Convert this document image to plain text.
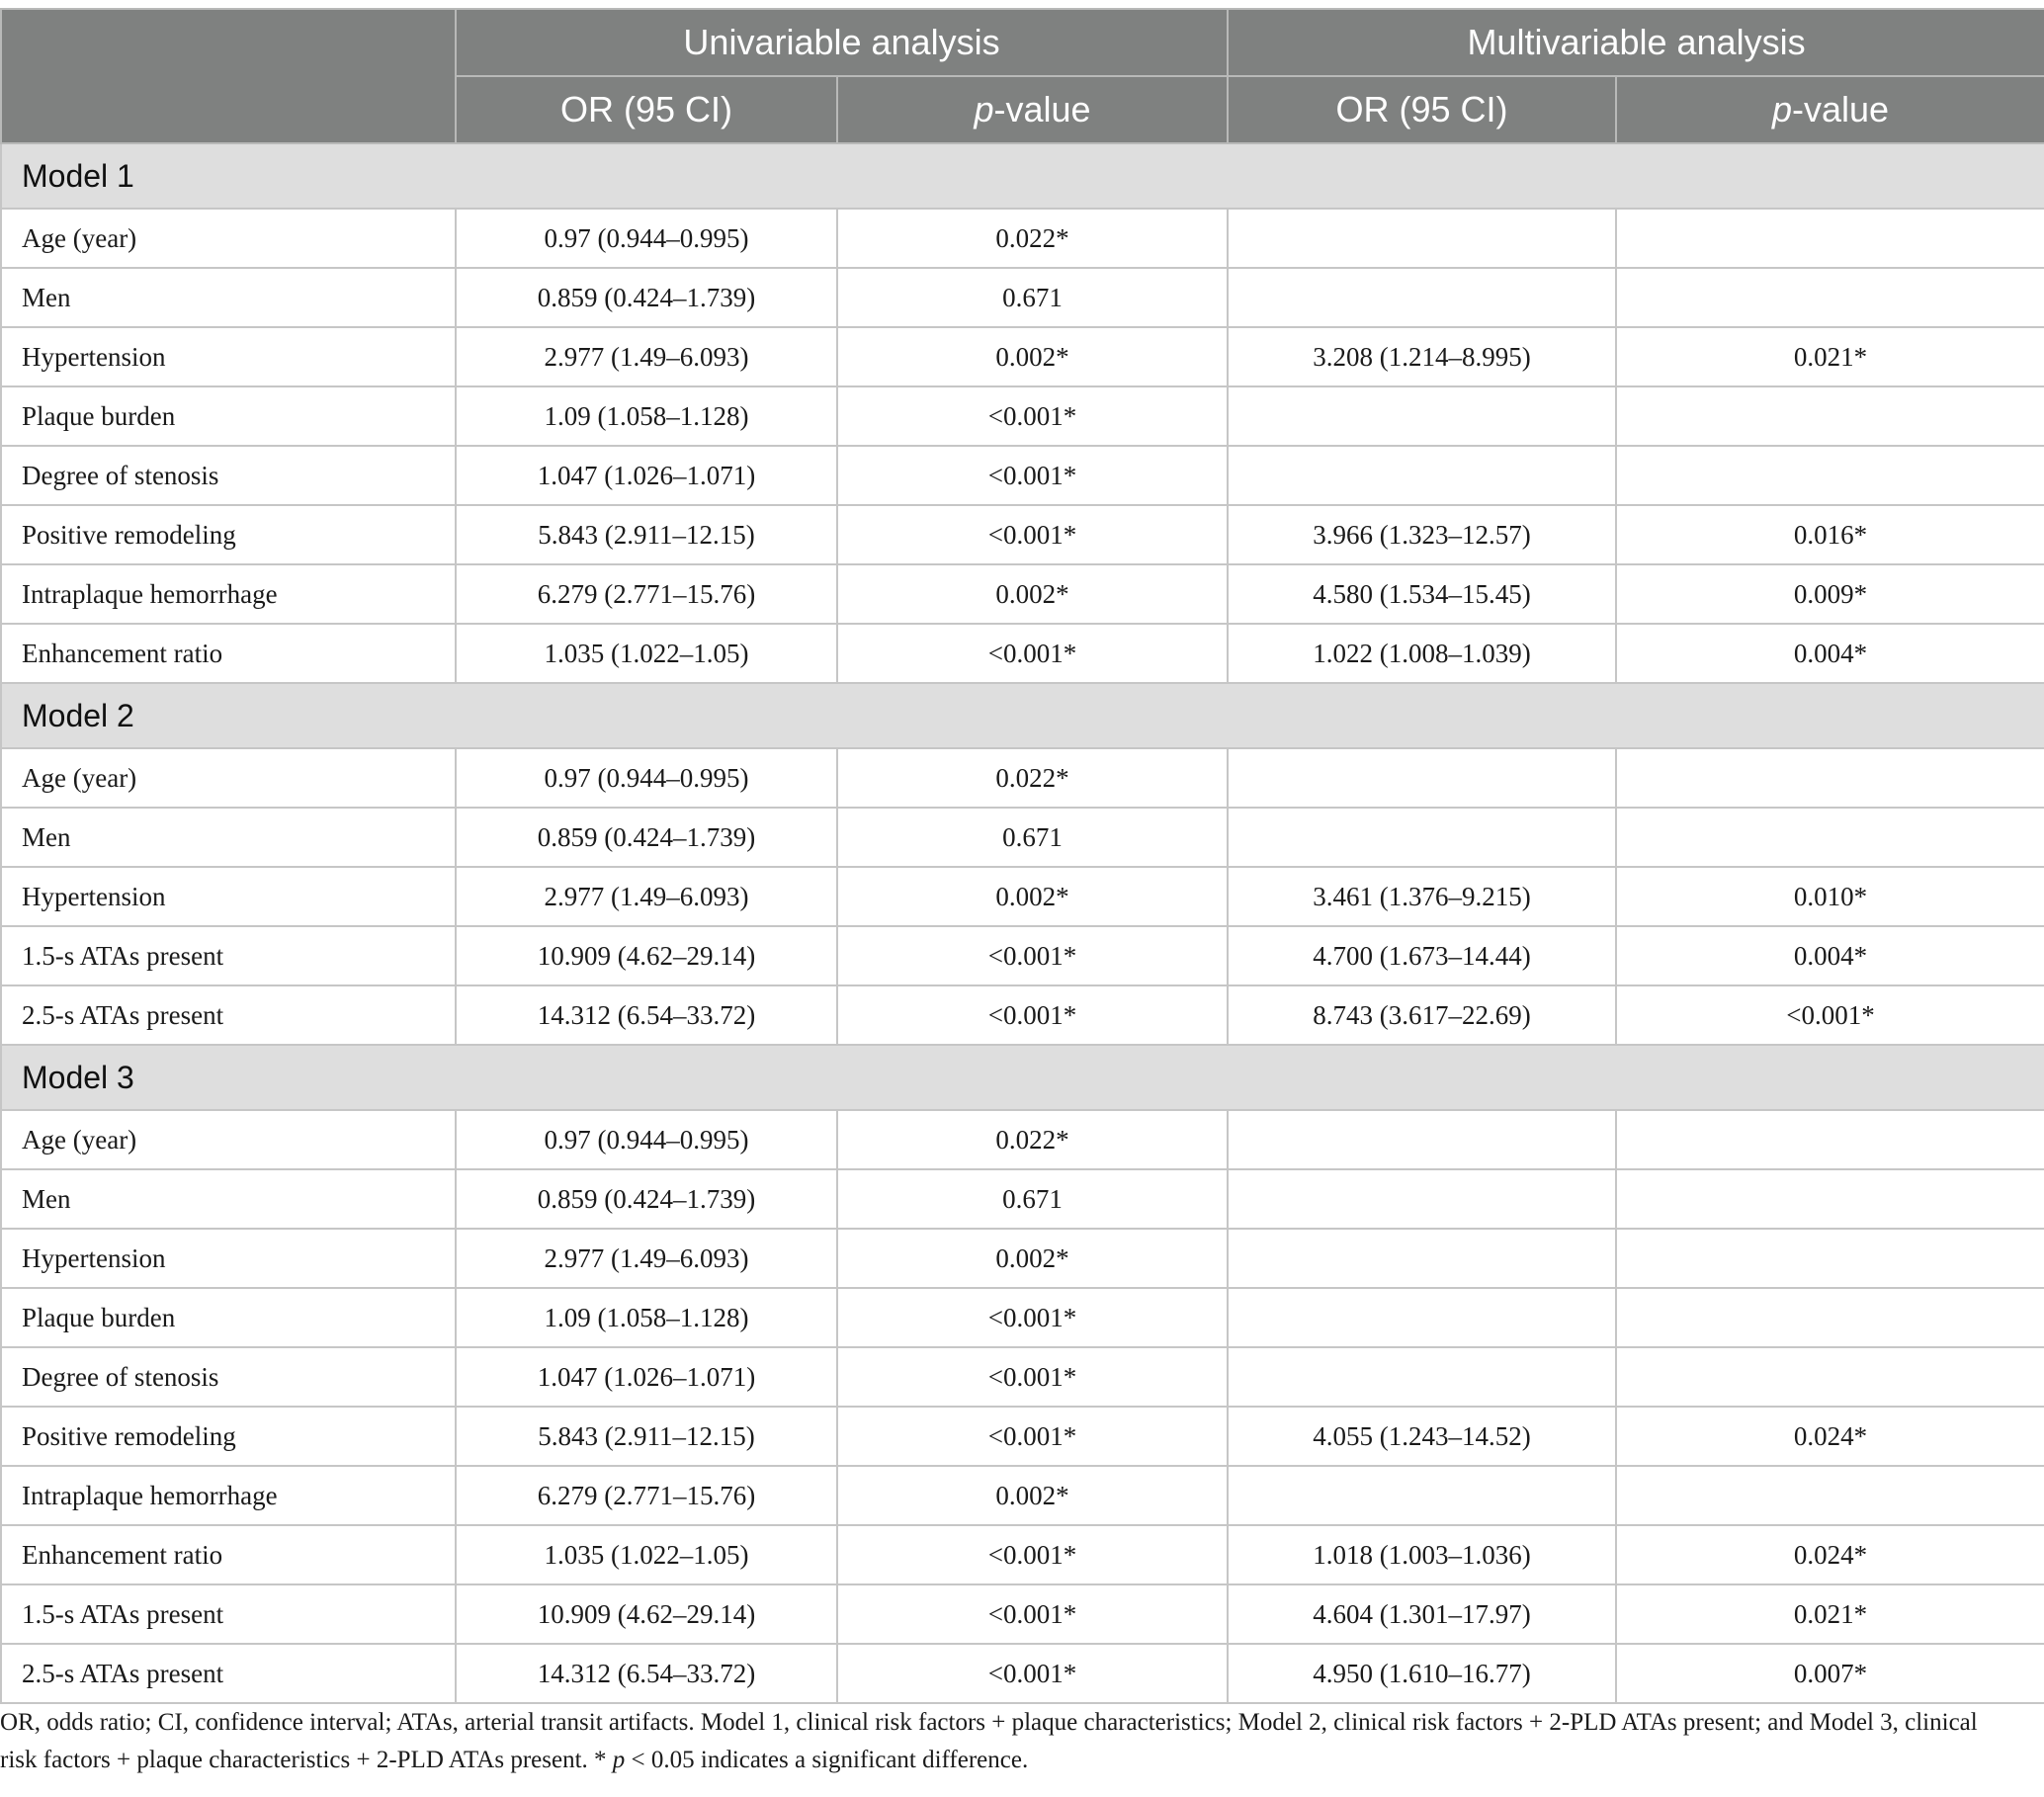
	Univariable analysis		Multivariable analysis	
	OR (95 CI)	p-value	OR (95 CI)	p-value
Model 1				
Age (year)	0.97 (0.944–0.995)	0.022*		
Men	0.859 (0.424–1.739)	0.671		
Hypertension	2.977 (1.49–6.093)	0.002*	3.208 (1.214–8.995)	0.021*
Plaque burden	1.09 (1.058–1.128)	<0.001*		
Degree of stenosis	1.047 (1.026–1.071)	<0.001*		
Positive remodeling	5.843 (2.911–12.15)	<0.001*	3.966 (1.323–12.57)	0.016*
Intraplaque hemorrhage	6.279 (2.771–15.76)	0.002*	4.580 (1.534–15.45)	0.009*
Enhancement ratio	1.035 (1.022–1.05)	<0.001*	1.022 (1.008–1.039)	0.004*
Model 2				
Age (year)	0.97 (0.944–0.995)	0.022*		
Men	0.859 (0.424–1.739)	0.671		
Hypertension	2.977 (1.49–6.093)	0.002*	3.461 (1.376–9.215)	0.010*
1.5-s ATAs present	10.909 (4.62–29.14)	<0.001*	4.700 (1.673–14.44)	0.004*
2.5-s ATAs present	14.312 (6.54–33.72)	<0.001*	8.743 (3.617–22.69)	<0.001*
Model 3				
Age (year)	0.97 (0.944–0.995)	0.022*		
Men	0.859 (0.424–1.739)	0.671		
Hypertension	2.977 (1.49–6.093)	0.002*		
Plaque burden	1.09 (1.058–1.128)	<0.001*		
Degree of stenosis	1.047 (1.026–1.071)	<0.001*		
Positive remodeling	5.843 (2.911–12.15)	<0.001*	4.055 (1.243–14.52)	0.024*
Intraplaque hemorrhage	6.279 (2.771–15.76)	0.002*		
Enhancement ratio	1.035 (1.022–1.05)	<0.001*	1.018 (1.003–1.036)	0.024*
1.5-s ATAs present	10.909 (4.62–29.14)	<0.001*	4.604 (1.301–17.97)	0.021*
2.5-s ATAs present	14.312 (6.54–33.72)	<0.001*	4.950 (1.610–16.77)	0.007*

OR, odds ratio; CI, confidence interval; ATAs, arterial transit artifacts. Model 1, clinical risk factors + plaque characteristics; Model 2, clinical risk factors + 2-PLD ATAs present; and Model 3, clinical risk factors + plaque characteristics + 2-PLD ATAs present. * p < 0.05 indicates a significant difference.
